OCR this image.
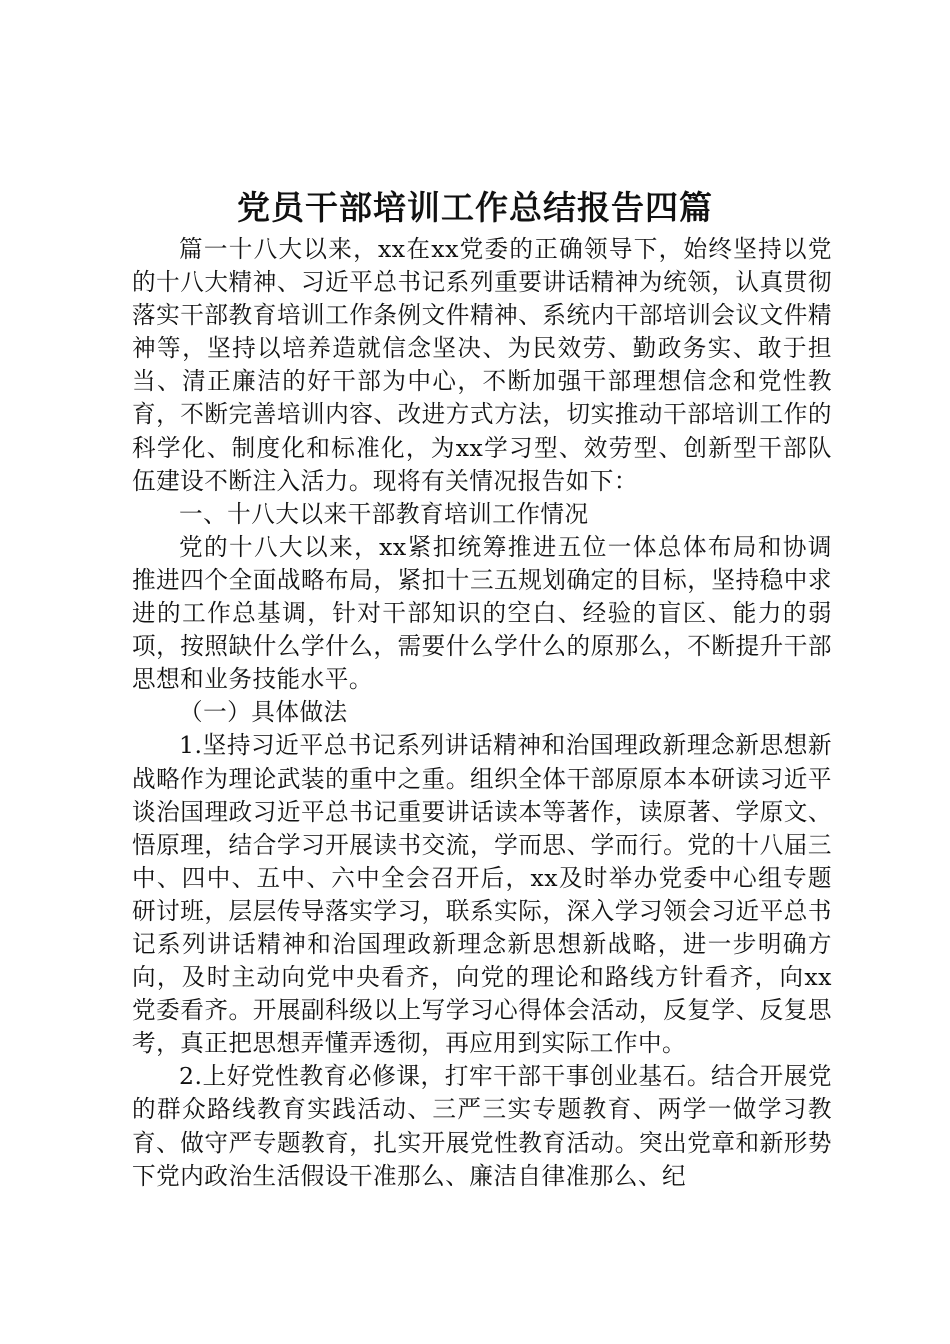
党员干部培训工作总结报告四篇

篇一十八大以来，xx在xx党委的正确领导下，始终坚持以党的十八大精神、习近平总书记系列重要讲话精神为统领，认真贯彻落实干部教育培训工作条例文件精神、系统内干部培训会议文件精神等，坚持以培养造就信念坚决、为民效劳、勤政务实、敢于担当、清正廉洁的好干部为中心，不断加强干部理想信念和党性教育，不断完善培训内容、改进方式方法，切实推动干部培训工作的科学化、制度化和标准化，为xx学习型、效劳型、创新型干部队伍建设不断注入活力。现将有关情况报告如下：

一、十八大以来干部教育培训工作情况

党的十八大以来，xx紧扣统筹推进五位一体总体布局和协调推进四个全面战略布局，紧扣十三五规划确定的目标，坚持稳中求进的工作总基调，针对干部知识的空白、经验的盲区、能力的弱项，按照缺什么学什么，需要什么学什么的原那么，不断提升干部思想和业务技能水平。

（一）具体做法

1.坚持习近平总书记系列讲话精神和治国理政新理念新思想新战略作为理论武装的重中之重。组织全体干部原原本本研读习近平谈治国理政习近平总书记重要讲话读本等著作，读原著、学原文、悟原理，结合学习开展读书交流，学而思、学而行。党的十八届三中、四中、五中、六中全会召开后，xx及时举办党委中心组专题研讨班，层层传导落实学习，联系实际，深入学习领会习近平总书记系列讲话精神和治国理政新理念新思想新战略，进一步明确方向，及时主动向党中央看齐，向党的理论和路线方针看齐，向xx党委看齐。开展副科级以上写学习心得体会活动，反复学、反复思考，真正把思想弄懂弄透彻，再应用到实际工作中。

2.上好党性教育必修课，打牢干部干事创业基石。结合开展党的群众路线教育实践活动、三严三实专题教育、两学一做学习教育、做守严专题教育，扎实开展党性教育活动。突出党章和新形势下党内政治生活假设干准那么、廉洁自律准那么、纪
